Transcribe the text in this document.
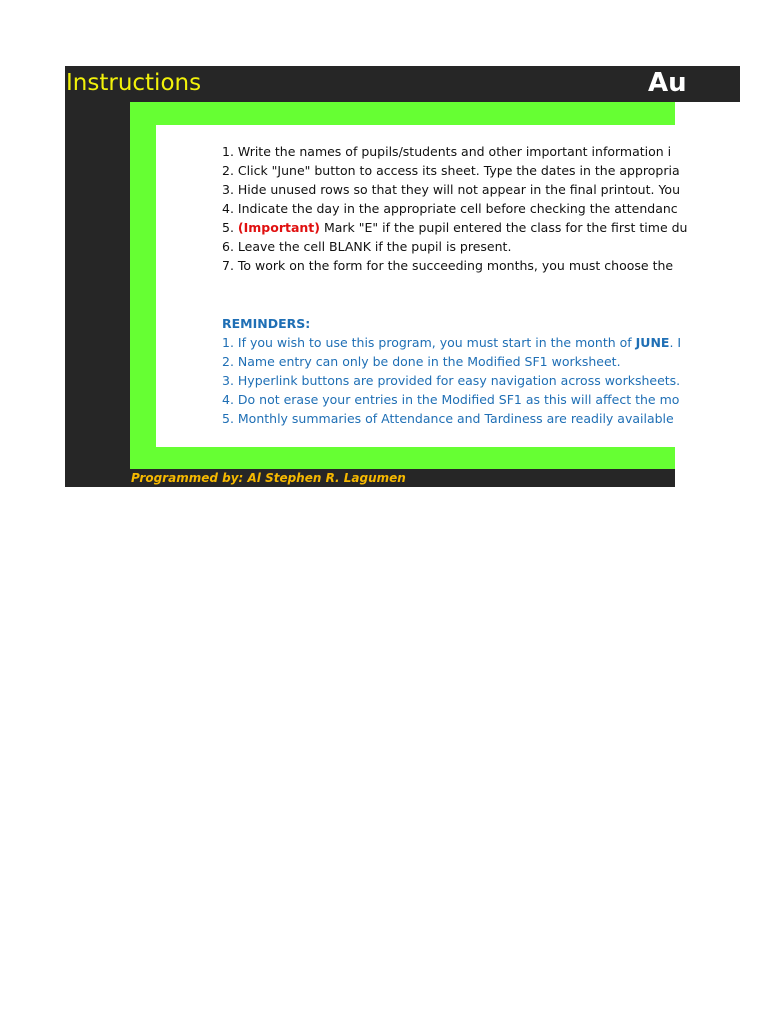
Instructions	Au
Programmed by: Al Stephen R. Lagumen
1. Write the names of pupils/students and other important information i
2. Click "June" button to access its sheet. Type the dates in the appropria
3. Hide unused rows so that they will not appear in the final printout. You
4. Indicate the day in the appropriate cell before checking the attendanc
5. (Important) Mark "E" if the pupil entered the class for the first time du
6. Leave the cell BLANK if the pupil is present.
7. To work on the form for the succeeding months, you must choose the
REMINDERS:
1. If you wish to use this program, you must start in the month of JUNE. I
2. Name entry can only be done in the Modified SF1 worksheet.
3. Hyperlink buttons are provided for easy navigation across worksheets.
4. Do not erase your entries in the Modified SF1 as this will affect the mo
5. Monthly summaries of Attendance and Tardiness are readily available
